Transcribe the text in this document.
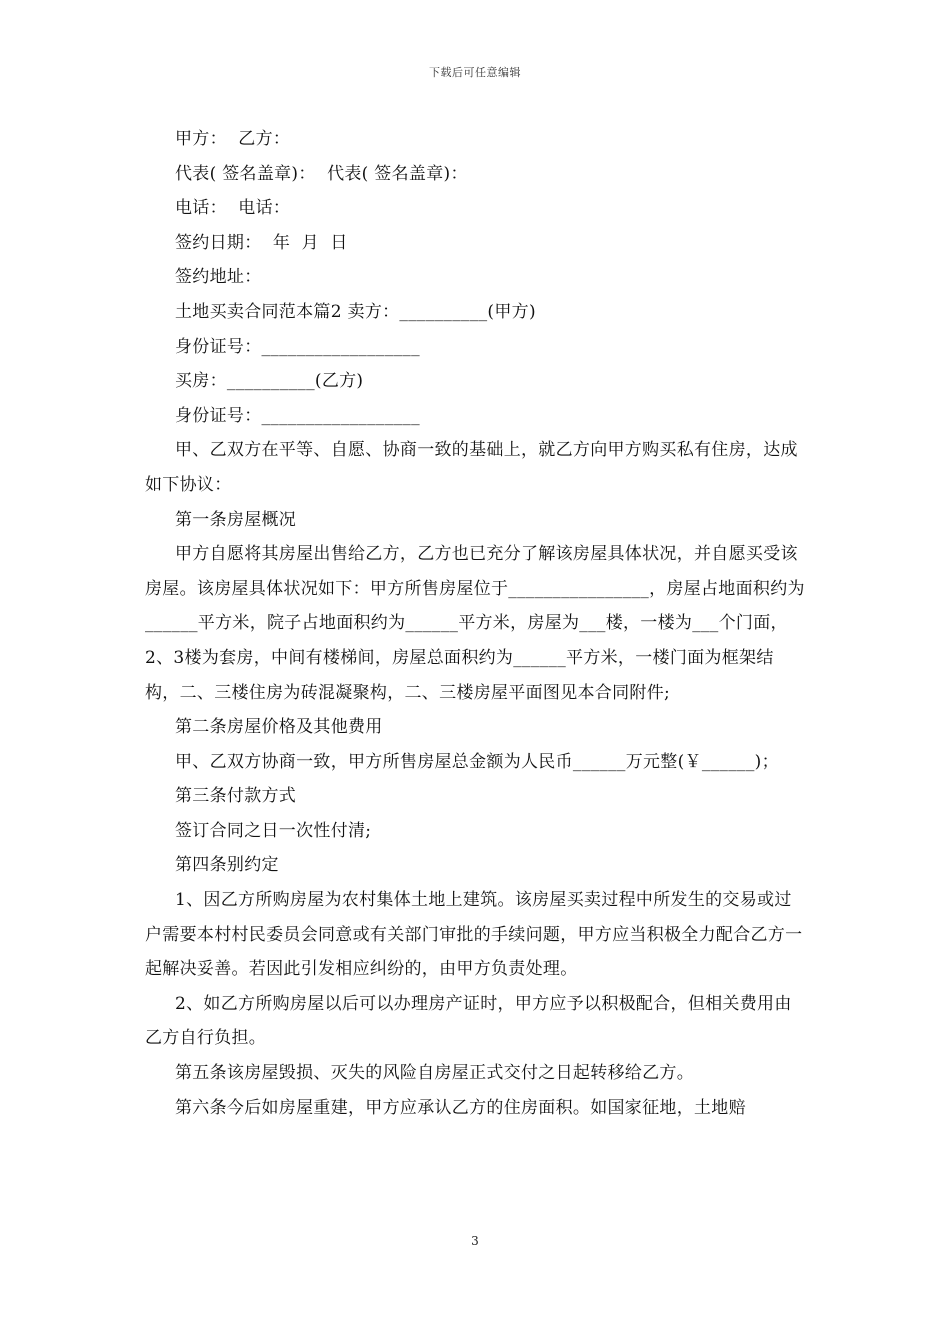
下载后可任意编辑

甲方：  乙方：

代表( 签名盖章)：  代表( 签名盖章)：

电话：  电话：

签约日期：  年  月  日

签约地址：

土地买卖合同范本篇2 卖方：__________(甲方)

身份证号：__________________

买房：__________(乙方)

身份证号：__________________

甲、乙双方在平等、自愿、协商一致的基础上，就乙方向甲方购买私有住房，达成如下协议：

第一条房屋概况

甲方自愿将其房屋出售给乙方，乙方也已充分了解该房屋具体状况，并自愿买受该房屋。该房屋具体状况如下：甲方所售房屋位于________________，房屋占地面积约为______平方米，院子占地面积约为______平方米，房屋为___楼，一楼为___个门面，2、3楼为套房，中间有楼梯间，房屋总面积约为______平方米，一楼门面为框架结构，二、三楼住房为砖混凝聚构，二、三楼房屋平面图见本合同附件;

第二条房屋价格及其他费用

甲、乙双方协商一致，甲方所售房屋总金额为人民币______万元整(￥______)；

第三条付款方式

签订合同之日一次性付清;

第四条别约定

1、因乙方所购房屋为农村集体土地上建筑。该房屋买卖过程中所发生的交易或过户需要本村村民委员会同意或有关部门审批的手续问题，甲方应当积极全力配合乙方一起解决妥善。若因此引发相应纠纷的，由甲方负责处理。

2、如乙方所购房屋以后可以办理房产证时，甲方应予以积极配合，但相关费用由乙方自行负担。

第五条该房屋毁损、灭失的风险自房屋正式交付之日起转移给乙方。

第六条今后如房屋重建，甲方应承认乙方的住房面积。如国家征地，土地赔

3
